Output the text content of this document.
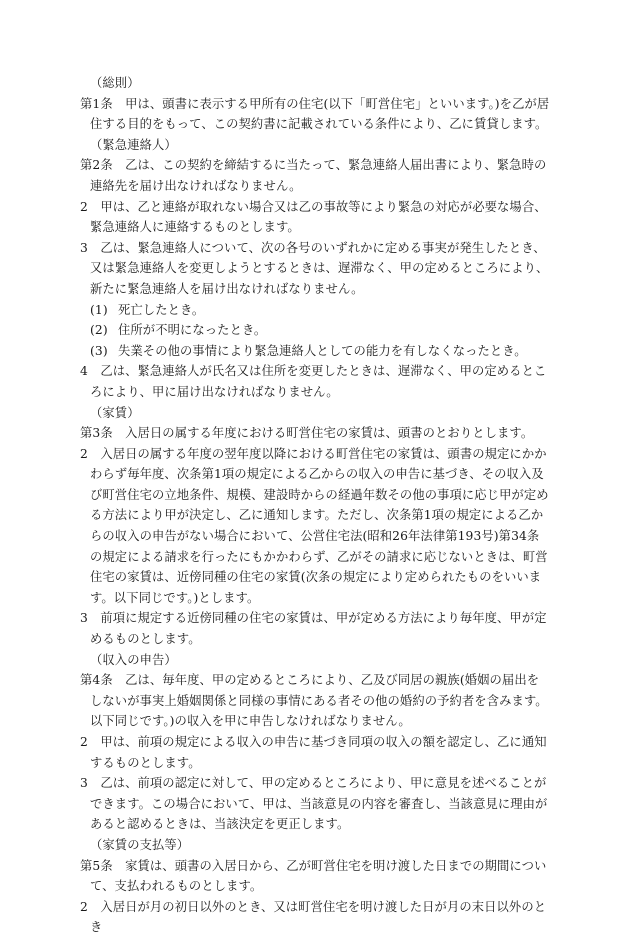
（総則）
第1条　甲は、頭書に表示する甲所有の住宅(以下「町営住宅」といいます。)を乙が居住する目的をもって、この契約書に記載されている条件により、乙に賃貸します。
（緊急連絡人）
第2条　乙は、この契約を締結するに当たって、緊急連絡人届出書により、緊急時の連絡先を届け出なければなりません。
2　甲は、乙と連絡が取れない場合又は乙の事故等により緊急の対応が必要な場合、緊急連絡人に連絡するものとします。
3　乙は、緊急連絡人について、次の各号のいずれかに定める事実が発生したとき、又は緊急連絡人を変更しようとするときは、遅滞なく、甲の定めるところにより、新たに緊急連絡人を届け出なければなりません。
(1) 死亡したとき。
(2) 住所が不明になったとき。
(3) 失業その他の事情により緊急連絡人としての能力を有しなくなったとき。
4　乙は、緊急連絡人が氏名又は住所を変更したときは、遅滞なく、甲の定めるところにより、甲に届け出なければなりません。
（家賃）
第3条　入居日の属する年度における町営住宅の家賃は、頭書のとおりとします。
2　入居日の属する年度の翌年度以降における町営住宅の家賃は、頭書の規定にかかわらず毎年度、次条第1項の規定による乙からの収入の申告に基づき、その収入及び町営住宅の立地条件、規模、建設時からの経過年数その他の事項に応じ甲が定める方法により甲が決定し、乙に通知します。ただし、次条第1項の規定による乙からの収入の申告がない場合において、公営住宅法(昭和26年法律第193号)第34条の規定による請求を行ったにもかかわらず、乙がその請求に応じないときは、町営住宅の家賃は、近傍同種の住宅の家賃(次条の規定により定められたものをいいます。以下同じです。)とします。
3　前項に規定する近傍同種の住宅の家賃は、甲が定める方法により毎年度、甲が定めるものとします。
（収入の申告）
第4条　乙は、毎年度、甲の定めるところにより、乙及び同居の親族(婚姻の届出をしないが事実上婚姻関係と同様の事情にある者その他の婚約の予約者を含みます。以下同じです。)の収入を甲に申告しなければなりません。
2　甲は、前項の規定による収入の申告に基づき同項の収入の額を認定し、乙に通知するものとします。
3　乙は、前項の認定に対して、甲の定めるところにより、甲に意見を述べることができます。この場合において、甲は、当該意見の内容を審査し、当該意見に理由があると認めるときは、当該決定を更正します。
（家賃の支払等）
第5条　家賃は、頭書の入居日から、乙が町営住宅を明け渡した日までの期間について、支払われるものとします。
2　入居日が月の初日以外のとき、又は町営住宅を明け渡した日が月の末日以外のとき
